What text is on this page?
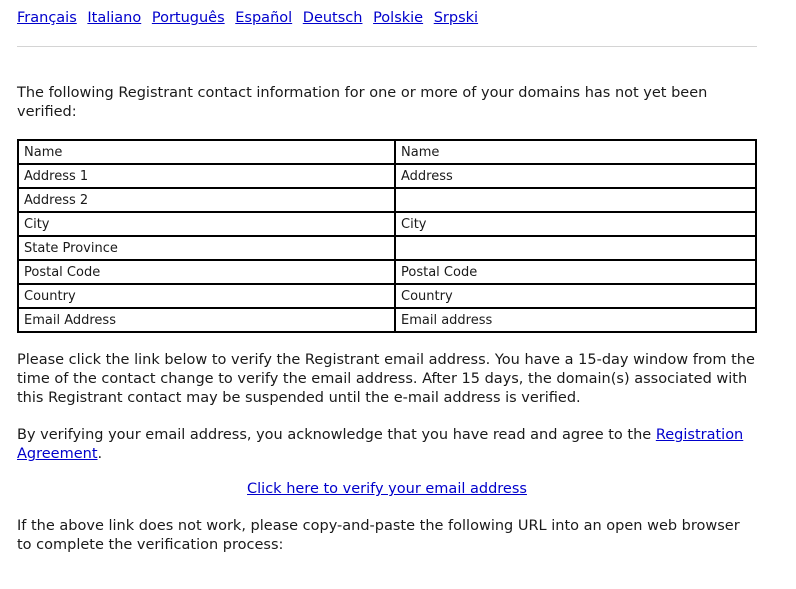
Français Italiano Português Español Deutsch Polskie Srpski

The following Registrant contact information for one or more of your domains has not yet been verified:

Name	Name
Address 1	Address
Address 2	
City	City
State Province	
Postal Code	Postal Code
Country	Country
Email Address	Email address

Please click the link below to verify the Registrant email address. You have a 15-day window from the time of the contact change to verify the email address. After 15 days, the domain(s) associated with this Registrant contact may be suspended until the e-mail address is verified.

By verifying your email address, you acknowledge that you have read and agree to the Registration Agreement.

Click here to verify your email address

If the above link does not work, please copy-and-paste the following URL into an open web browser to complete the verification process:
